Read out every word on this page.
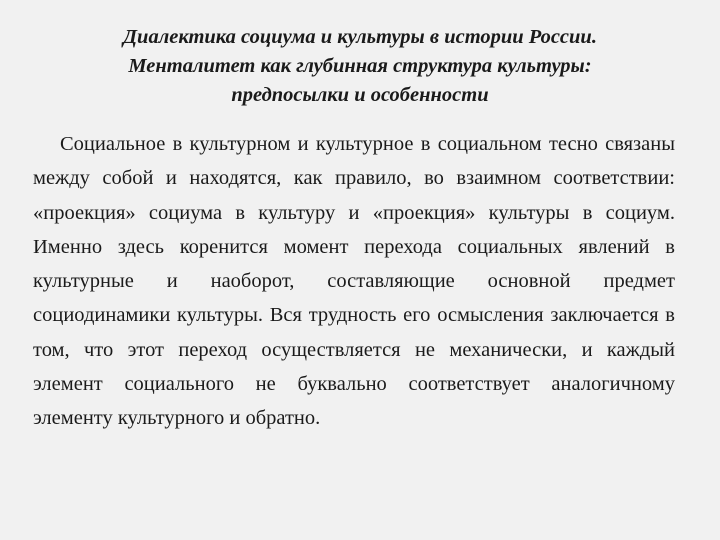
Диалектика социума и культуры в истории России.
Менталитет как глубинная структура культуры:
предпосылки и особенности

Социальное в культурном и культурное в социальном тесно связаны между собой и находятся, как правило, во взаимном соответствии: «проекция» социума в культуру и «проекция» культуры в социум. Именно здесь коренится момент перехода социальных явлений в культурные и наоборот, составляющие основной предмет социодинамики культуры. Вся трудность его осмысления заключается в том, что этот переход осуществляется не механически, и каждый элемент социального не буквально соответствует аналогичному элементу культурного и обратно.
